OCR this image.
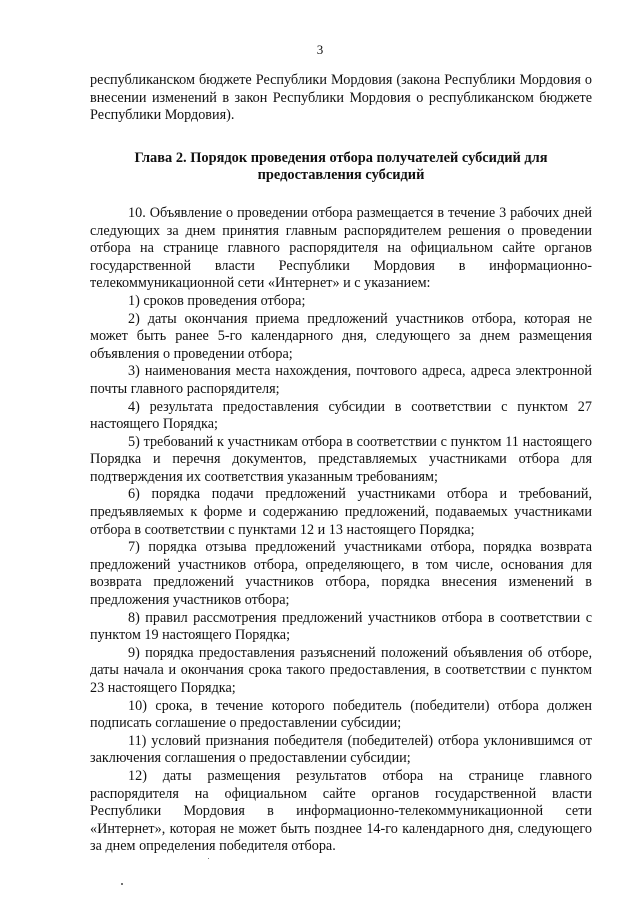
3

республиканском бюджете Республики Мордовия (закона Республики Мордовия о внесении изменений в закон Республики Мордовия о республиканском бюджете Республики Мордовия).

Глава 2. Порядок проведения отбора получателей субсидий для предоставления субсидий

10. Объявление о проведении отбора размещается в течение 3 рабочих дней следующих за днем принятия главным распорядителем решения о проведении отбора на странице главного распорядителя на официальном сайте органов государственной власти Республики Мордовия в информационно-телекоммуникационной сети «Интернет» и с указанием:

1) сроков проведения отбора;

2) даты окончания приема предложений участников отбора, которая не может быть ранее 5-го календарного дня, следующего за днем размещения объявления о проведении отбора;

3) наименования места нахождения, почтового адреса, адреса электронной почты главного распорядителя;

4) результата предоставления субсидии в соответствии с пунктом 27 настоящего Порядка;

5) требований к участникам отбора в соответствии с пунктом 11 настоящего Порядка и перечня документов, представляемых участниками отбора для подтверждения их соответствия указанным требованиям;

6) порядка подачи предложений участниками отбора и требований, предъявляемых к форме и содержанию предложений, подаваемых участниками отбора в соответствии с пунктами 12 и 13 настоящего Порядка;

7) порядка отзыва предложений участниками отбора, порядка возврата предложений участников отбора, определяющего, в том числе, основания для возврата предложений участников отбора, порядка внесения изменений в предложения участников отбора;

8) правил рассмотрения предложений участников отбора в соответствии с пунктом 19 настоящего Порядка;

9) порядка предоставления разъяснений положений объявления об отборе, даты начала и окончания срока такого предоставления, в соответствии с пунктом 23 настоящего Порядка;

10) срока, в течение которого победитель (победители) отбора должен подписать соглашение о предоставлении субсидии;

11) условий признания победителя (победителей) отбора уклонившимся от заключения соглашения о предоставлении субсидии;

12) даты размещения результатов отбора на странице главного распорядителя на официальном сайте органов государственной власти Республики Мордовия в информационно-телекоммуникационной сети «Интернет», которая не может быть позднее 14-го календарного дня, следующего за днем определения победителя отбора.
